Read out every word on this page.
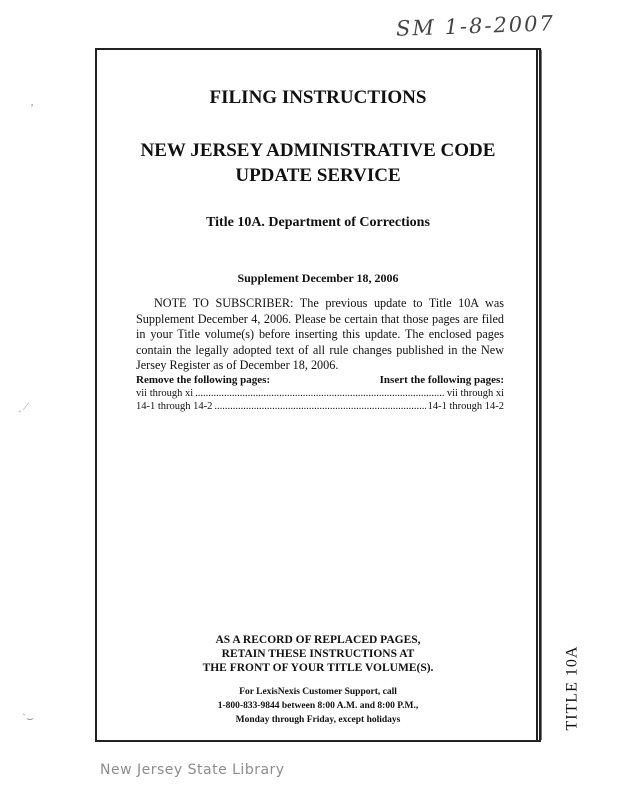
SM 1-8-2007
‚
ˎ ⁄
ˋ⌣	TITLE 10A
FILING INSTRUCTIONS
NEW JERSEY ADMINISTRATIVE CODE
UPDATE SERVICE
Title 10A. Department of Corrections
Supplement December 18, 2006
NOTE TO SUBSCRIBER: The previous update to Title 10A was Supplement December 4, 2006. Please be certain that those pages are filed in your Title volume(s) before inserting this update. The enclosed pages contain the legally adopted text of all rule changes published in the New Jersey Register as of December 18, 2006.
Remove the following pages:	Insert the following pages:
vii through xi .....	vii through xi
14-1 through 14-2 .....	14-1 through 14-2
AS A RECORD OF REPLACED PAGES,
RETAIN THESE INSTRUCTIONS AT
THE FRONT OF YOUR TITLE VOLUME(S).
For LexisNexis Customer Support, call
1-800-833-9844 between 8:00 A.M. and 8:00 P.M.,
Monday through Friday, except holidays
New Jersey State Library
